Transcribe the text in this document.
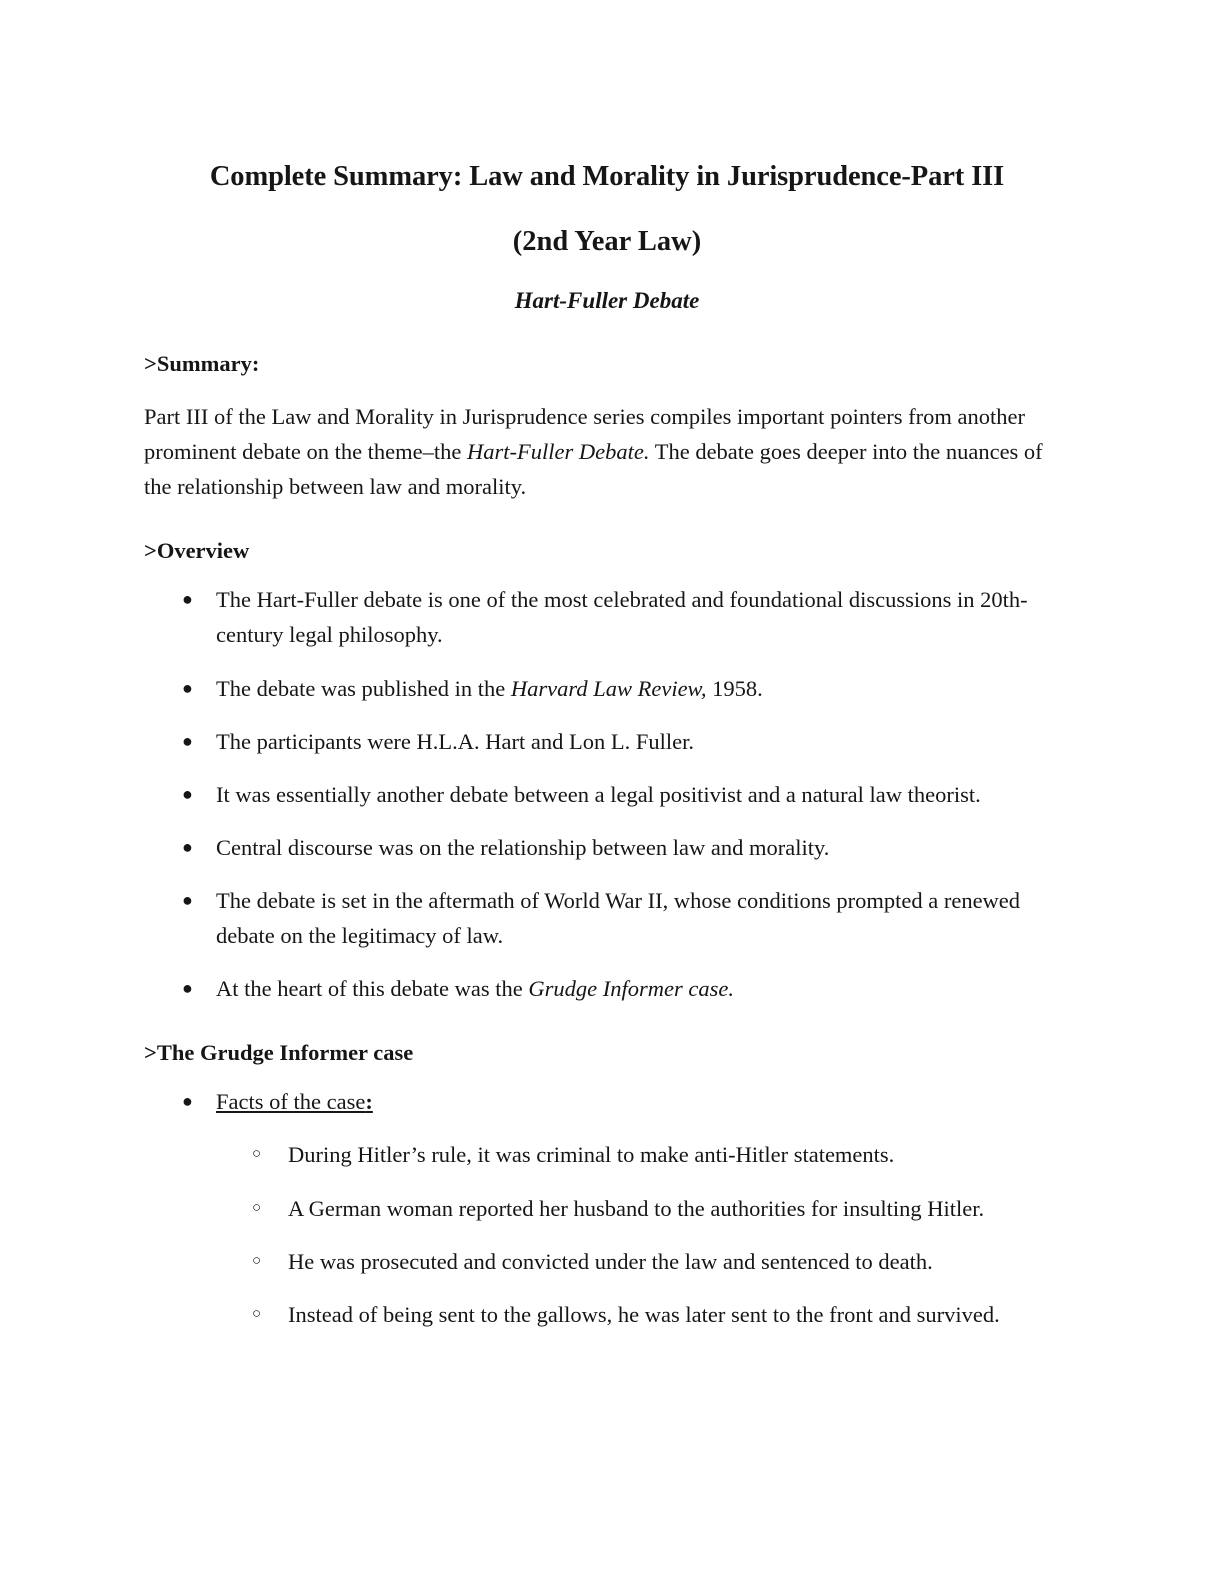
Complete Summary: Law and Morality in Jurisprudence-Part III
(2nd Year Law)
Hart-Fuller Debate
>Summary:

Part III of the Law and Morality in Jurisprudence series compiles important pointers from another prominent debate on the theme–the Hart-Fuller Debate. The debate goes deeper into the nuances of the relationship between law and morality.

>Overview
● The Hart-Fuller debate is one of the most celebrated and foundational discussions in 20th-century legal philosophy.
● The debate was published in the Harvard Law Review, 1958.
● The participants were H.L.A. Hart and Lon L. Fuller.
● It was essentially another debate between a legal positivist and a natural law theorist.
● Central discourse was on the relationship between law and morality.
● The debate is set in the aftermath of World War II, whose conditions prompted a renewed debate on the legitimacy of law.
● At the heart of this debate was the Grudge Informer case.
>The Grudge Informer case
● Facts of the case:
○ During Hitler’s rule, it was criminal to make anti-Hitler statements.
○ A German woman reported her husband to the authorities for insulting Hitler.
○ He was prosecuted and convicted under the law and sentenced to death.
○ Instead of being sent to the gallows, he was later sent to the front and survived.
